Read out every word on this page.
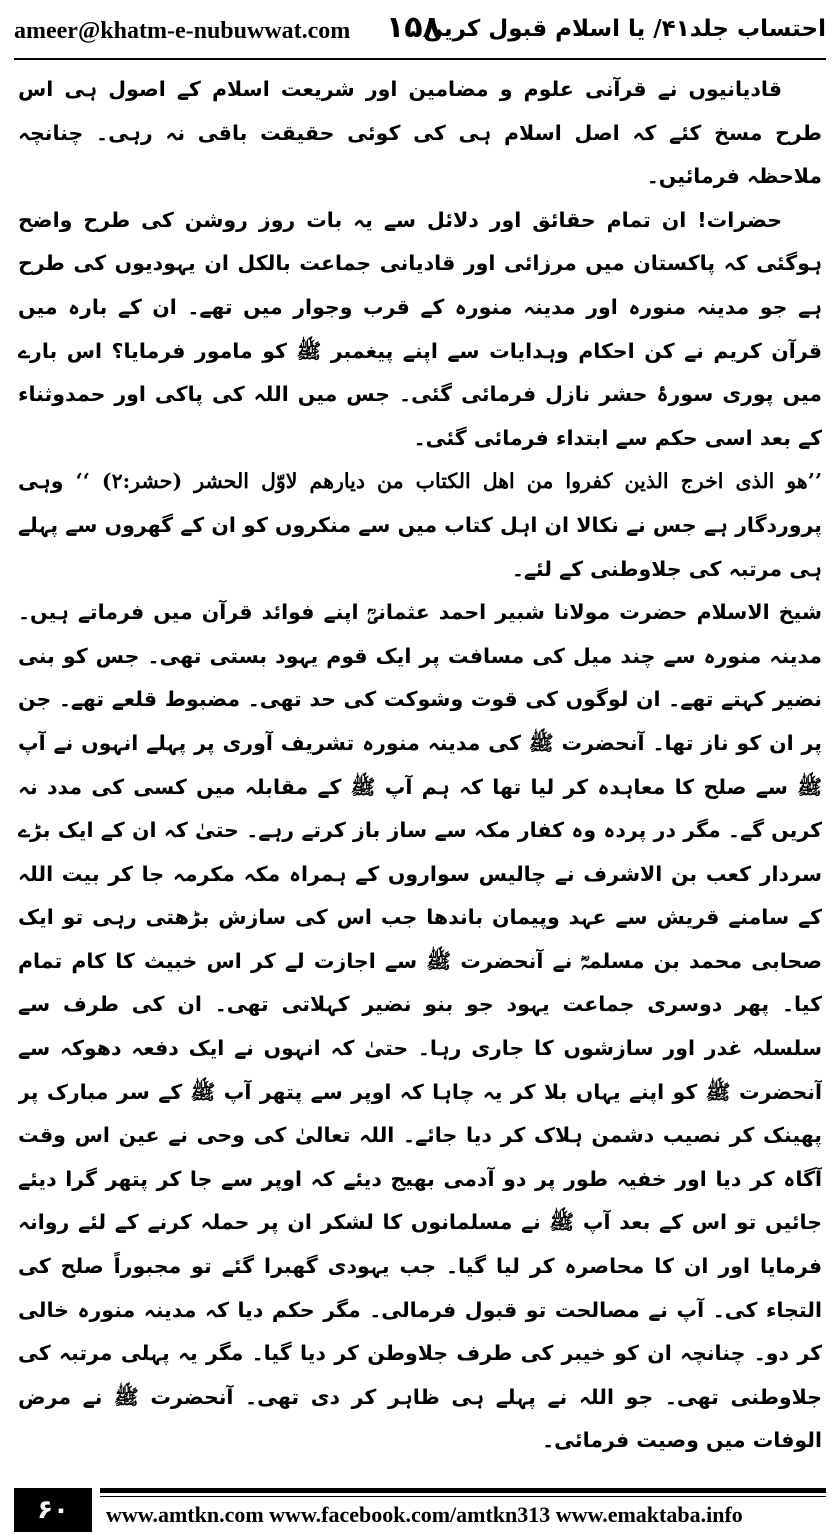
ameer@khatm-e-nubuwwat.com ۱۵۸
احتساب جلد۴۱/ یا اسلام قبول کریں

قادیانیوں نے قرآنی علوم و مضامین اور شریعت اسلام کے اصول ہی اس طرح مسخ کئے کہ اصل اسلام ہی کی کوئی حقیقت باقی نہ رہی۔ چنانچہ ملاحظہ فرمائیں۔

حضرات! ان تمام حقائق اور دلائل سے یہ بات روز روشن کی طرح واضح ہوگئی کہ پاکستان میں مرزائی اور قادیانی جماعت بالکل ان یہودیوں کی طرح ہے جو مدینہ منورہ اور مدینہ منورہ کے قرب وجوار میں تھے۔ ان کے بارہ میں قرآن کریم نے کن احکام وہدایات سے اپنے پیغمبر ﷺ کو مامور فرمایا؟ اس بارے میں پوری سورۂ حشر نازل فرمائی گئی۔ جس میں اللہ کی پاکی اور حمدوثناء کے بعد اسی حکم سے ابتداء فرمائی گئی۔

’’ھو الذی اخرج الذین کفروا من اھل الکتاب من دیارھم لاوّل الحشر (حشر:۲) ‘‘ وہی پروردگار ہے جس نے نکالا ان اہل کتاب میں سے منکروں کو ان کے گھروں سے پہلے ہی مرتبہ کی جلاوطنی کے لئے۔

شیخ الاسلام حضرت مولانا شبیر احمد عثمانیؒ اپنے فوائد قرآن میں فرماتے ہیں۔ مدینہ منورہ سے چند میل کی مسافت پر ایک قوم یہود بستی تھی۔ جس کو بنی نضیر کہتے تھے۔ ان لوگوں کی قوت وشوکت کی حد تھی۔ مضبوط قلعے تھے۔ جن پر ان کو ناز تھا۔ آنحضرت ﷺ کی مدینہ منورہ تشریف آوری پر پہلے انہوں نے آپ ﷺ سے صلح کا معاہدہ کر لیا تھا کہ ہم آپ ﷺ کے مقابلہ میں کسی کی مدد نہ کریں گے۔ مگر در پردہ وہ کفار مکہ سے ساز باز کرتے رہے۔ حتیٰ کہ ان کے ایک بڑے سردار کعب بن الاشرف نے چالیس سواروں کے ہمراہ مکہ مکرمہ جا کر بیت اللہ کے سامنے قریش سے عہد وپیمان باندھا جب اس کی سازش بڑھتی رہی تو ایک صحابی محمد بن مسلمہؓ نے آنحضرت ﷺ سے اجازت لے کر اس خبیث کا کام تمام کیا۔ پھر دوسری جماعت یہود جو بنو نضیر کہلاتی تھی۔ ان کی طرف سے سلسلہ غدر اور سازشوں کا جاری رہا۔ حتیٰ کہ انہوں نے ایک دفعہ دھوکہ سے آنحضرت ﷺ کو اپنے یہاں بلا کر یہ چاہا کہ اوپر سے پتھر آپ ﷺ کے سر مبارک پر پھینک کر نصیب دشمن ہلاک کر دیا جائے۔ اللہ تعالیٰ کی وحی نے عین اس وقت آگاہ کر دیا اور خفیہ طور پر دو آدمی بھیج دیئے کہ اوپر سے جا کر پتھر گرا دیئے جائیں تو اس کے بعد آپ ﷺ نے مسلمانوں کا لشکر ان پر حملہ کرنے کے لئے روانہ فرمایا اور ان کا محاصرہ کر لیا گیا۔ جب یہودی گھبرا گئے تو مجبوراً صلح کی التجاء کی۔ آپ نے مصالحت تو قبول فرمالی۔ مگر حکم دیا کہ مدینہ منورہ خالی کر دو۔ چنانچہ ان کو خیبر کی طرف جلاوطن کر دیا گیا۔ مگر یہ پہلی مرتبہ کی جلاوطنی تھی۔ جو اللہ نے پہلے ہی ظاہر کر دی تھی۔ آنحضرت ﷺ نے مرض الوفات میں وصیت فرمائی۔

۶۰	www.amtkn.com www.facebook.com/amtkn313 www.emaktaba.info
